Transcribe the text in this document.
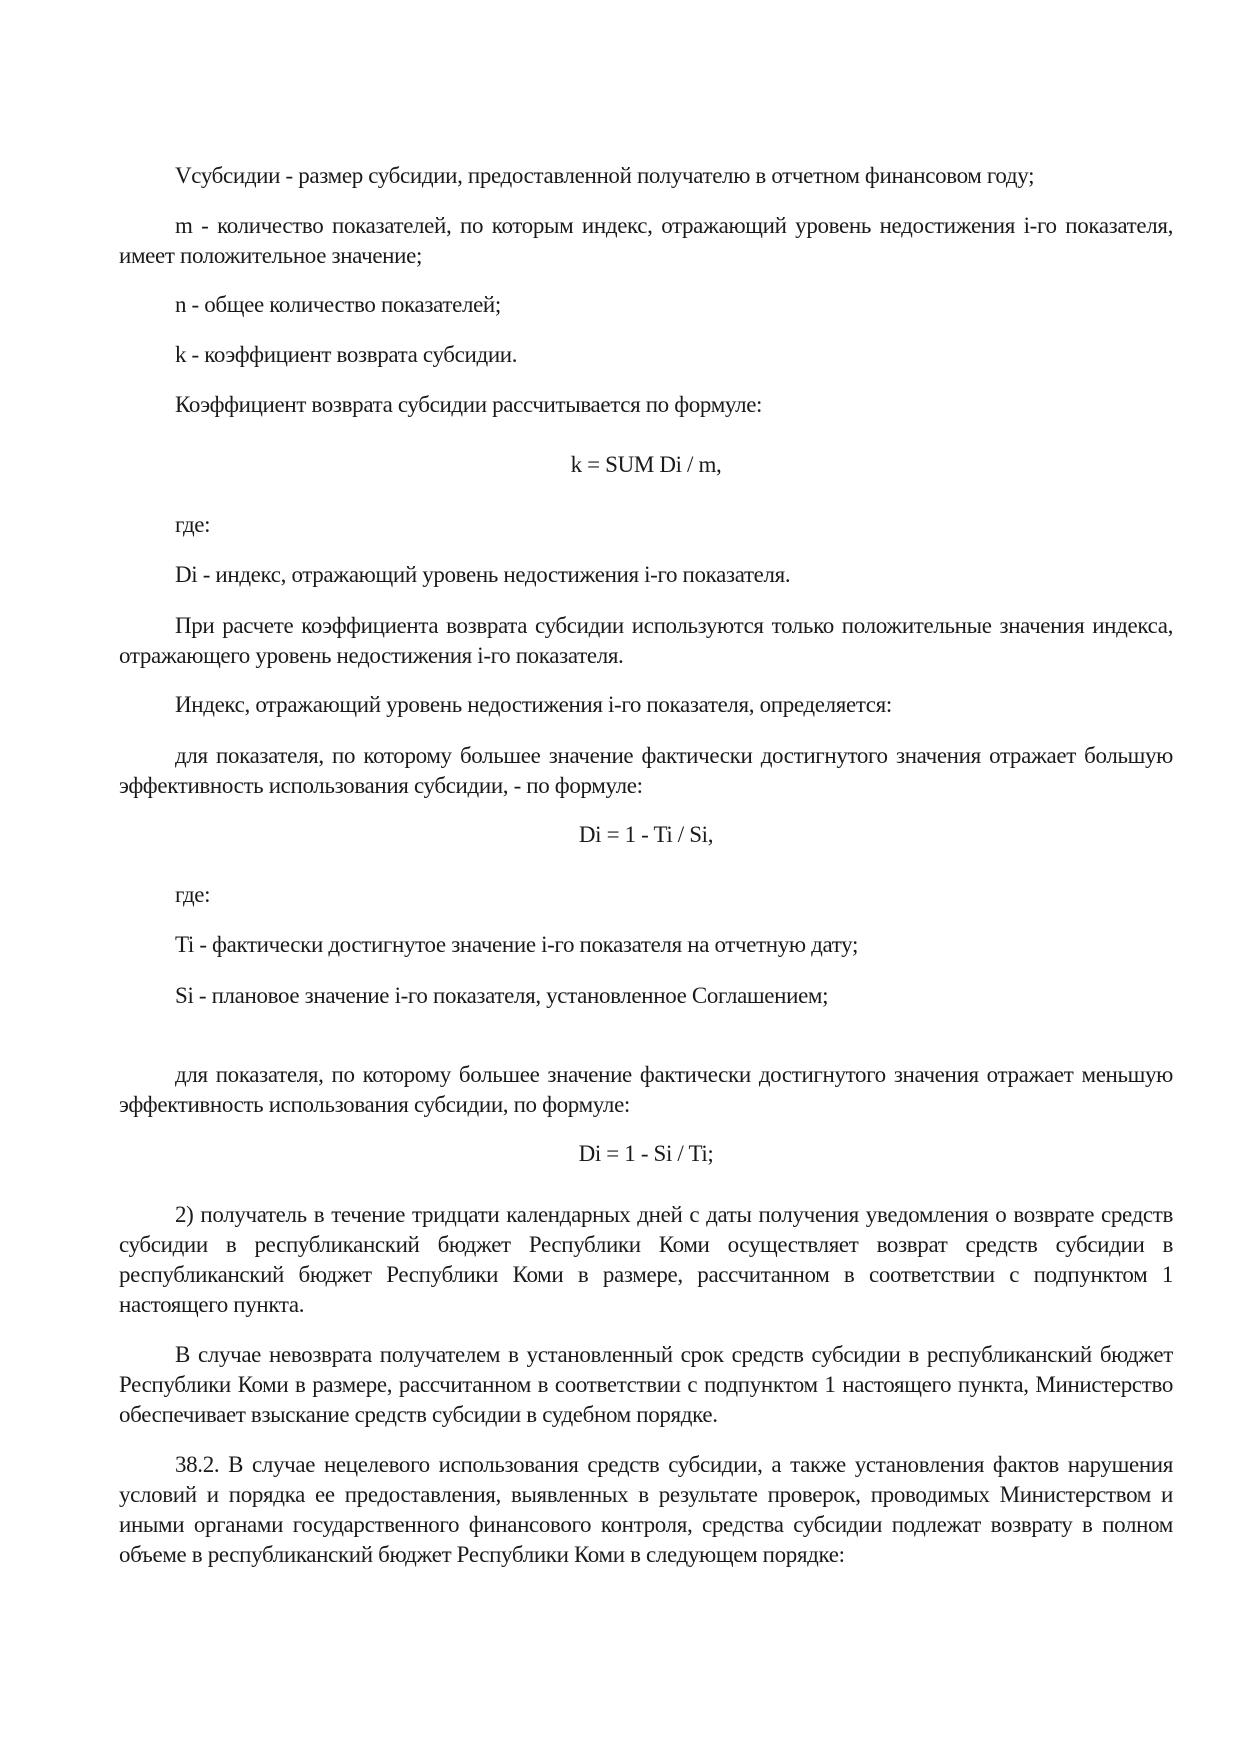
Vсубсидии - размер субсидии, предоставленной получателю в отчетном финансовом году;

m - количество показателей, по которым индекс, отражающий уровень недостижения i-го показателя, имеет положительное значение;

n - общее количество показателей;

k - коэффициент возврата субсидии.

Коэффициент возврата субсидии рассчитывается по формуле:

k = SUM Di / m,

где:

Di - индекс, отражающий уровень недостижения i-го показателя.

При расчете коэффициента возврата субсидии используются только положительные значения индекса, отражающего уровень недостижения i-го показателя.

Индекс, отражающий уровень недостижения i-го показателя, определяется:

для показателя, по которому большее значение фактически достигнутого значения отражает большую эффективность использования субсидии, - по формуле:

Di = 1 - Ti / Si,

где:

Ti - фактически достигнутое значение i-го показателя на отчетную дату;

Si - плановое значение i-го показателя, установленное Соглашением;

для показателя, по которому большее значение фактически достигнутого значения отражает меньшую эффективность использования субсидии, по формуле:

Di = 1 - Si / Ti;

2) получатель в течение тридцати календарных дней с даты получения уведомления о возврате средств субсидии в республиканский бюджет Республики Коми осуществляет возврат средств субсидии в республиканский бюджет Республики Коми в размере, рассчитанном в соответствии с подпунктом 1 настоящего пункта.

В случае невозврата получателем в установленный срок средств субсидии в республиканский бюджет Республики Коми в размере, рассчитанном в соответствии с подпунктом 1 настоящего пункта, Министерство обеспечивает взыскание средств субсидии в судебном порядке.

38.2. В случае нецелевого использования средств субсидии, а также установления фактов нарушения условий и порядка ее предоставления, выявленных в результате проверок, проводимых Министерством и иными органами государственного финансового контроля, средства субсидии подлежат возврату в полном объеме в республиканский бюджет Республики Коми в следующем порядке:
